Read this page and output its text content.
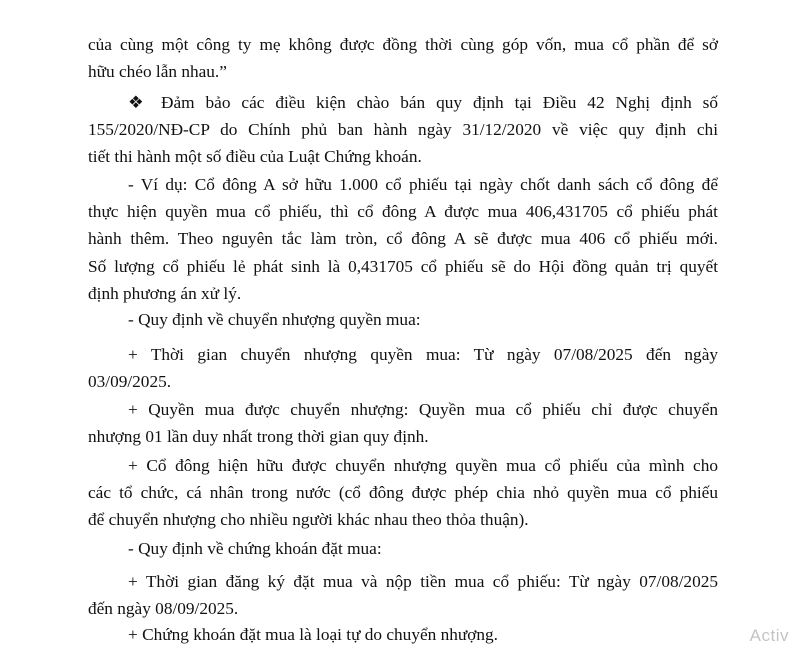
của cùng một công ty mẹ không được đồng thời cùng góp vốn, mua cổ phần để sở
hữu chéo lẫn nhau.”

❖ Đảm bảo các điều kiện chào bán quy định tại Điều 42 Nghị định số
155/2020/NĐ-CP do Chính phủ ban hành ngày 31/12/2020 về việc quy định chi
tiết thi hành một số điều của Luật Chứng khoán.

- Ví dụ: Cổ đông A sở hữu 1.000 cổ phiếu tại ngày chốt danh sách cổ đông để
thực hiện quyền mua cổ phiếu, thì cổ đông A được mua 406,431705 cổ phiếu phát
hành thêm. Theo nguyên tắc làm tròn, cổ đông A sẽ được mua 406 cổ phiếu mới.
Số lượng cổ phiếu lẻ phát sinh là 0,431705 cổ phiếu sẽ do Hội đồng quản trị quyết
định phương án xử lý.

- Quy định về chuyển nhượng quyền mua:

+ Thời gian chuyển nhượng quyền mua: Từ ngày 07/08/2025 đến ngày
03/09/2025.

+ Quyền mua được chuyển nhượng: Quyền mua cổ phiếu chỉ được chuyển
nhượng 01 lần duy nhất trong thời gian quy định.

+ Cổ đông hiện hữu được chuyển nhượng quyền mua cổ phiếu của mình cho
các tổ chức, cá nhân trong nước (cổ đông được phép chia nhỏ quyền mua cổ phiếu
để chuyển nhượng cho nhiều người khác nhau theo thỏa thuận).

- Quy định về chứng khoán đặt mua:

+ Thời gian đăng ký đặt mua và nộp tiền mua cổ phiếu: Từ ngày 07/08/2025
đến ngày 08/09/2025.

+ Chứng khoán đặt mua là loại tự do chuyển nhượng.	Activ
